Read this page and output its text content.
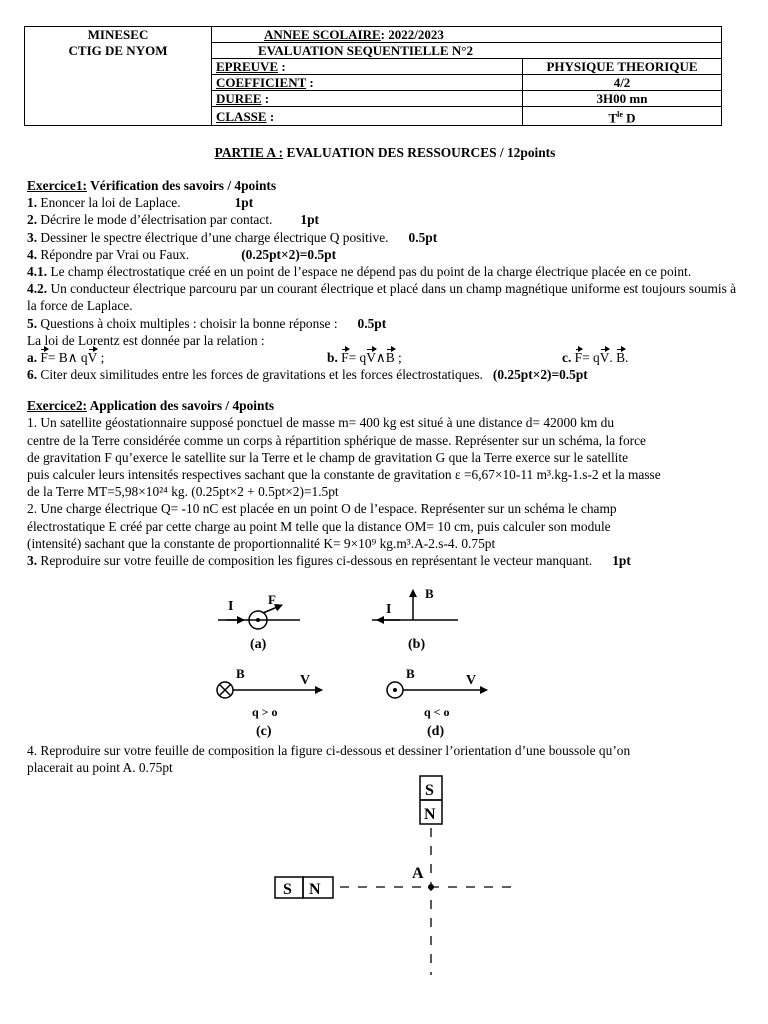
MINESEC	ANNEE SCOLAIRE: 2022/2023	
CTIG DE NYOM	EVALUATION SEQUENTIELLE N°2	
	EPREUVE :	PHYSIQUE THEORIQUE
	COEFFICIENT :	4/2
	DUREE :	3H00 mn
	CLASSE :	$T^{le}$ D
PARTIE A : EVALUATION DES RESSOURCES / 12points
Exercice1: Vérification des savoirs / 4points
1. Enoncer la loi de Laplace.	1pt
2. Décrire le mode d’électrisation par contact. 1pt
3. Dessiner le spectre électrique d’une charge électrique Q positive. 0.5pt
4. Répondre par Vrai ou Faux.	(0.25pt×2)=0.5pt
4.1. Le champ électrostatique créé en un point de l’espace ne dépend pas du point de la charge électrique placée en ce point.
4.2. Un conducteur électrique parcouru par un courant électrique et placé dans un champ magnétique uniforme est toujours soumis à la force de Laplace.
5. Questions à choix multiples : choisir la bonne réponse : 0.5pt
La loi de Lorentz est donnée par la relation :
a. F= B∧ qV ;	b. F= qV∧B ;	c. F= qV. B.
6. Citer deux similitudes entre les forces de gravitations et les forces électrostatiques. (0.25pt×2)=0.5pt
Exercice2: Application des savoirs / 4points
1. Un satellite géostationnaire supposé ponctuel de masse m= 400 kg est situé à une distance d= 42000 km du
centre de la Terre considérée comme un corps à répartition sphérique de masse. Représenter sur un schéma, la force
de gravitation F qu’exerce le satellite sur la Terre et le champ de gravitation G que la Terre exerce sur le satellite
puis calculer leurs intensités respectives sachant que la constante de gravitation ε =6,67×10-11 m³.kg-1.s-2 et la masse
de la Terre MT=5,98×10²⁴ kg. (0.25pt×2 + 0.5pt×2)=1.5pt
2. Une charge électrique Q= -10 nC est placée en un point O de l’espace. Représenter sur un schéma le champ
électrostatique E créé par cette charge au point M telle que la distance OM= 10 cm, puis calculer son module
(intensité) sachant que la constante de proportionnalité K= 9×10⁹ kg.m³.A-2.s-4. 0.75pt
3. Reproduire sur votre feuille de composition les figures ci-dessous en représentant le vecteur manquant. 1pt
4. Reproduire sur votre feuille de composition la figure ci-dessous et dessiner l’orientation d’une boussole qu’on
placerait au point A. 0.75pt
I	F
(a)
I
B
(b)
B	V
q > o
(c)
B	V
q < o
(d)
S
N
S N
A
